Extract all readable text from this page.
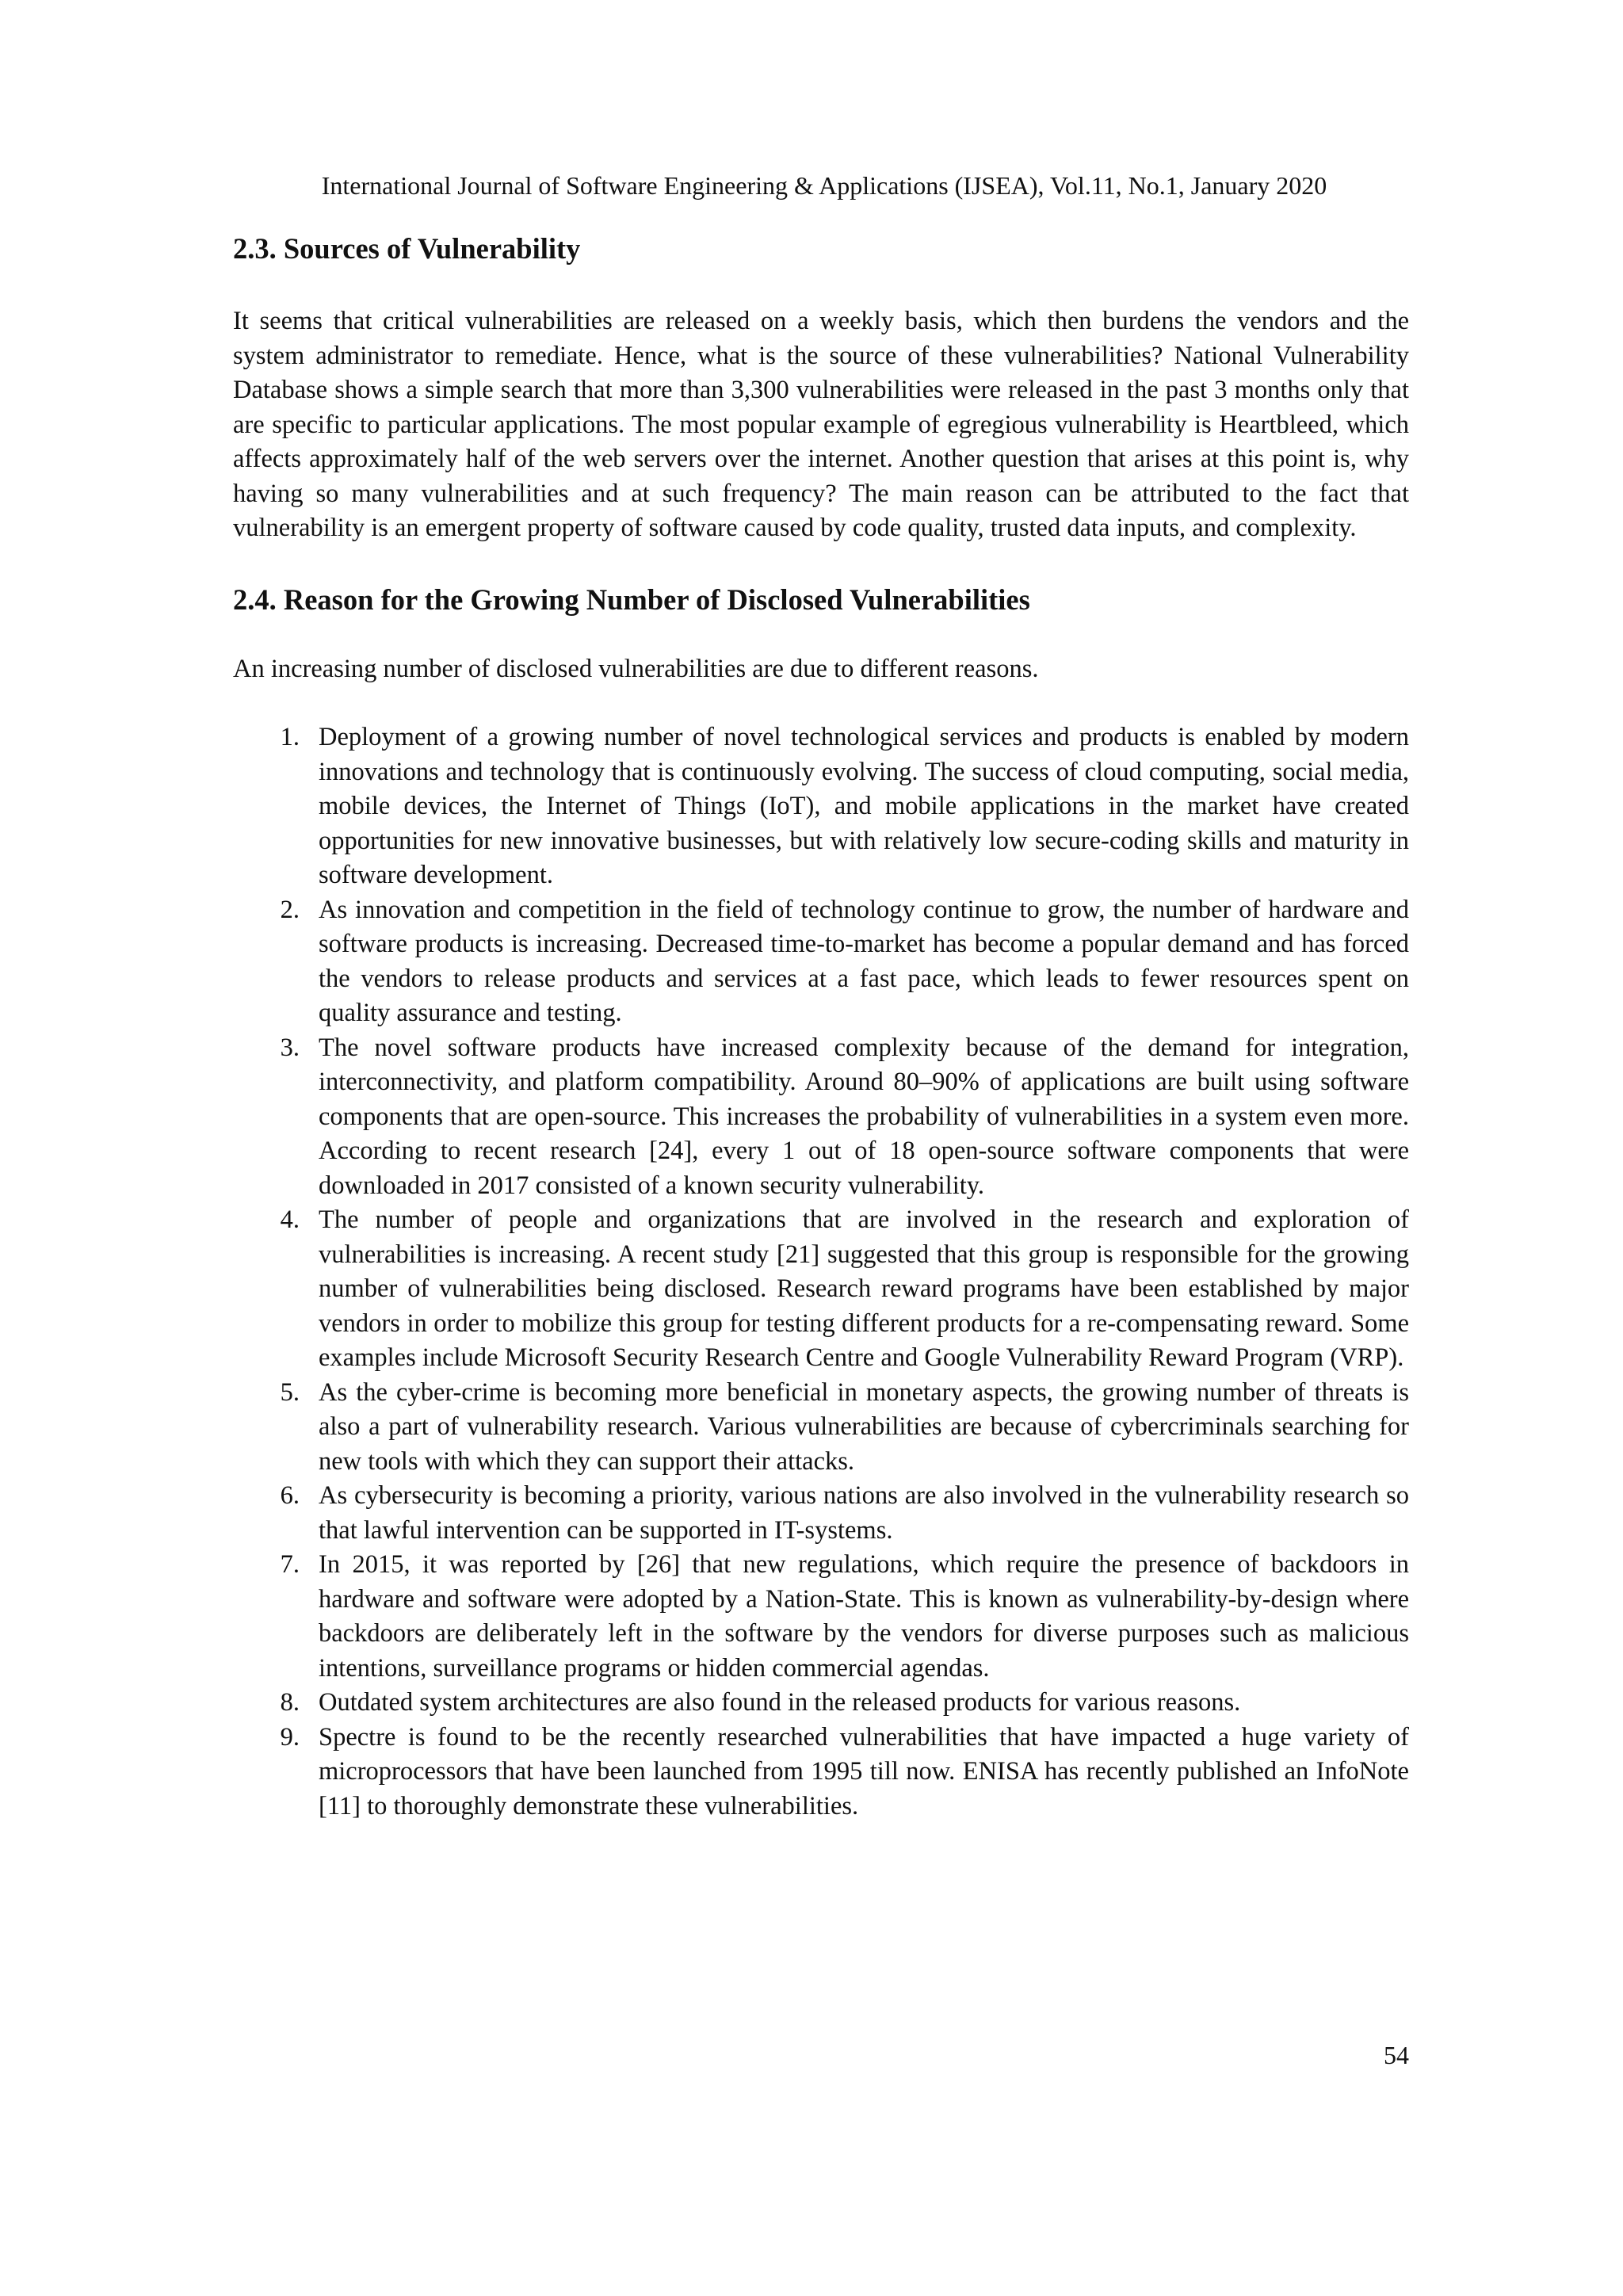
International Journal of Software Engineering & Applications (IJSEA), Vol.11, No.1, January 2020
2.3. Sources of Vulnerability

It seems that critical vulnerabilities are released on a weekly basis, which then burdens the vendors and the system administrator to remediate. Hence, what is the source of these vulnerabilities? National Vulnerability Database shows a simple search that more than 3,300 vulnerabilities were released in the past 3 months only that are specific to particular applications. The most popular example of egregious vulnerability is Heartbleed, which affects approximately half of the web servers over the internet. Another question that arises at this point is, why having so many vulnerabilities and at such frequency? The main reason can be attributed to the fact that vulnerability is an emergent property of software caused by code quality, trusted data inputs, and complexity.

2.4. Reason for the Growing Number of Disclosed Vulnerabilities

An increasing number of disclosed vulnerabilities are due to different reasons.

1. Deployment of a growing number of novel technological services and products is enabled by modern innovations and technology that is continuously evolving. The success of cloud computing, social media, mobile devices, the Internet of Things (IoT), and mobile applications in the market have created opportunities for new innovative businesses, but with relatively low secure-coding skills and maturity in software development.
2. As innovation and competition in the field of technology continue to grow, the number of hardware and software products is increasing. Decreased time-to-market has become a popular demand and has forced the vendors to release products and services at a fast pace, which leads to fewer resources spent on quality assurance and testing.
3. The novel software products have increased complexity because of the demand for integration, interconnectivity, and platform compatibility. Around 80–90% of applications are built using software components that are open-source. This increases the probability of vulnerabilities in a system even more. According to recent research [24], every 1 out of 18 open-source software components that were downloaded in 2017 consisted of a known security vulnerability.
4. The number of people and organizations that are involved in the research and exploration of vulnerabilities is increasing. A recent study [21] suggested that this group is responsible for the growing number of vulnerabilities being disclosed. Research reward programs have been established by major vendors in order to mobilize this group for testing different products for a re-compensating reward. Some examples include Microsoft Security Research Centre and Google Vulnerability Reward Program (VRP).
5. As the cyber-crime is becoming more beneficial in monetary aspects, the growing number of threats is also a part of vulnerability research. Various vulnerabilities are because of cybercriminals searching for new tools with which they can support their attacks.
6. As cybersecurity is becoming a priority, various nations are also involved in the vulnerability research so that lawful intervention can be supported in IT-systems.
7. In 2015, it was reported by [26] that new regulations, which require the presence of backdoors in hardware and software were adopted by a Nation-State. This is known as vulnerability-by-design where backdoors are deliberately left in the software by the vendors for diverse purposes such as malicious intentions, surveillance programs or hidden commercial agendas.
8. Outdated system architectures are also found in the released products for various reasons.
9. Spectre is found to be the recently researched vulnerabilities that have impacted a huge variety of microprocessors that have been launched from 1995 till now. ENISA has recently published an InfoNote [11] to thoroughly demonstrate these vulnerabilities.
54
